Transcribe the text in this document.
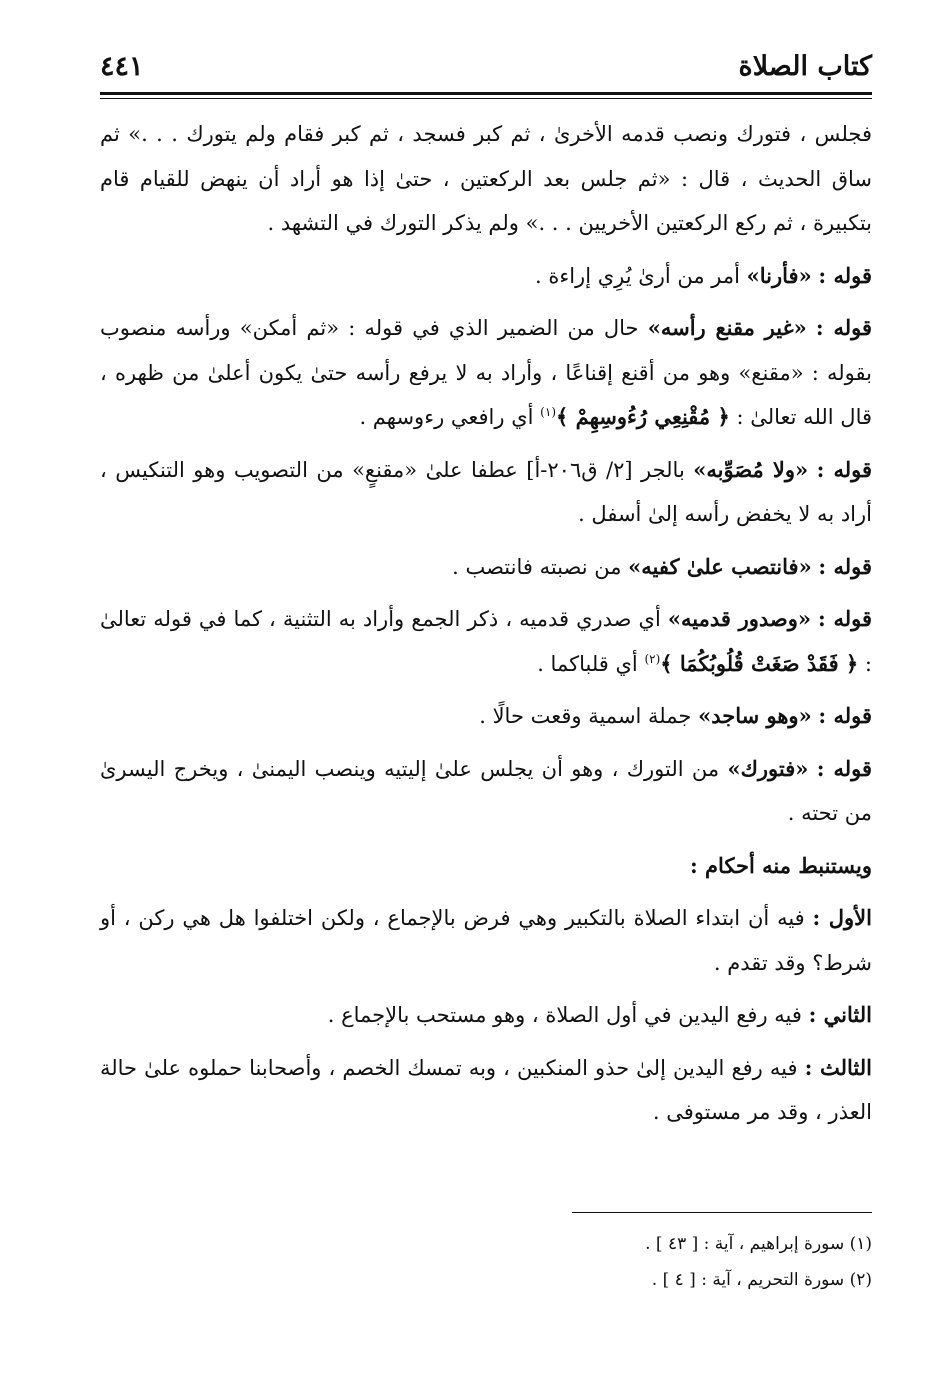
كتاب الصلاة
٤٤١

فجلس ، فتورك ونصب قدمه الأخرىٰ ، ثم كبر فسجد ، ثم كبر فقام ولم يتورك . . .» ثم ساق الحديث ، قال : «ثم جلس بعد الركعتين ، حتىٰ إذا هو أراد أن ينهض للقيام قام بتكبيرة ، ثم ركع الركعتين الأخريين . . .» ولم يذكر التورك في التشهد .

قوله : «فأرنا» أمر من أرىٰ يُرِي إراءة .

قوله : «غير مقنع رأسه» حال من الضمير الذي في قوله : «ثم أمكن» ورأسه منصوب بقوله : «مقنع» وهو من أقنع إقناعًا ، وأراد به لا يرفع رأسه حتىٰ يكون أعلىٰ من ظهره ، قال الله تعالىٰ : ﴿ مُقْنِعِي رُءُوسِهِمْ ﴾$^{(١)}$ أي رافعي رءوسهم .

قوله : «ولا مُصَوِّبه» بالجر [٢/ ق٢٠٦-أ] عطفا علىٰ «مقنعٍ» من التصويب وهو التنكيس ، أراد به لا يخفض رأسه إلىٰ أسفل .

قوله : «فانتصب علىٰ كفيه» من نصبته فانتصب .

قوله : «وصدور قدميه» أي صدري قدميه ، ذكر الجمع وأراد به التثنية ، كما في قوله تعالىٰ : ﴿ فَقَدْ صَغَتْ قُلُوبُكُمَا ﴾$^{(٢)}$ أي قلباكما .

قوله : «وهو ساجد» جملة اسمية وقعت حالًا .

قوله : «فتورك» من التورك ، وهو أن يجلس علىٰ إليتيه وينصب اليمنىٰ ، ويخرج اليسرىٰ من تحته .

ويستنبط منه أحكام :

الأول : فيه أن ابتداء الصلاة بالتكبير وهي فرض بالإجماع ، ولكن اختلفوا هل هي ركن ، أو شرط؟ وقد تقدم .

الثاني : فيه رفع اليدين في أول الصلاة ، وهو مستحب بالإجماع .

الثالث : فيه رفع اليدين إلىٰ حذو المنكبين ، وبه تمسك الخصم ، وأصحابنا حملوه علىٰ حالة العذر ، وقد مر مستوفى .

(١) سورة إبراهيم ، آية : [ ٤٣ ] .

(٢) سورة التحريم ، آية : [ ٤ ] .
